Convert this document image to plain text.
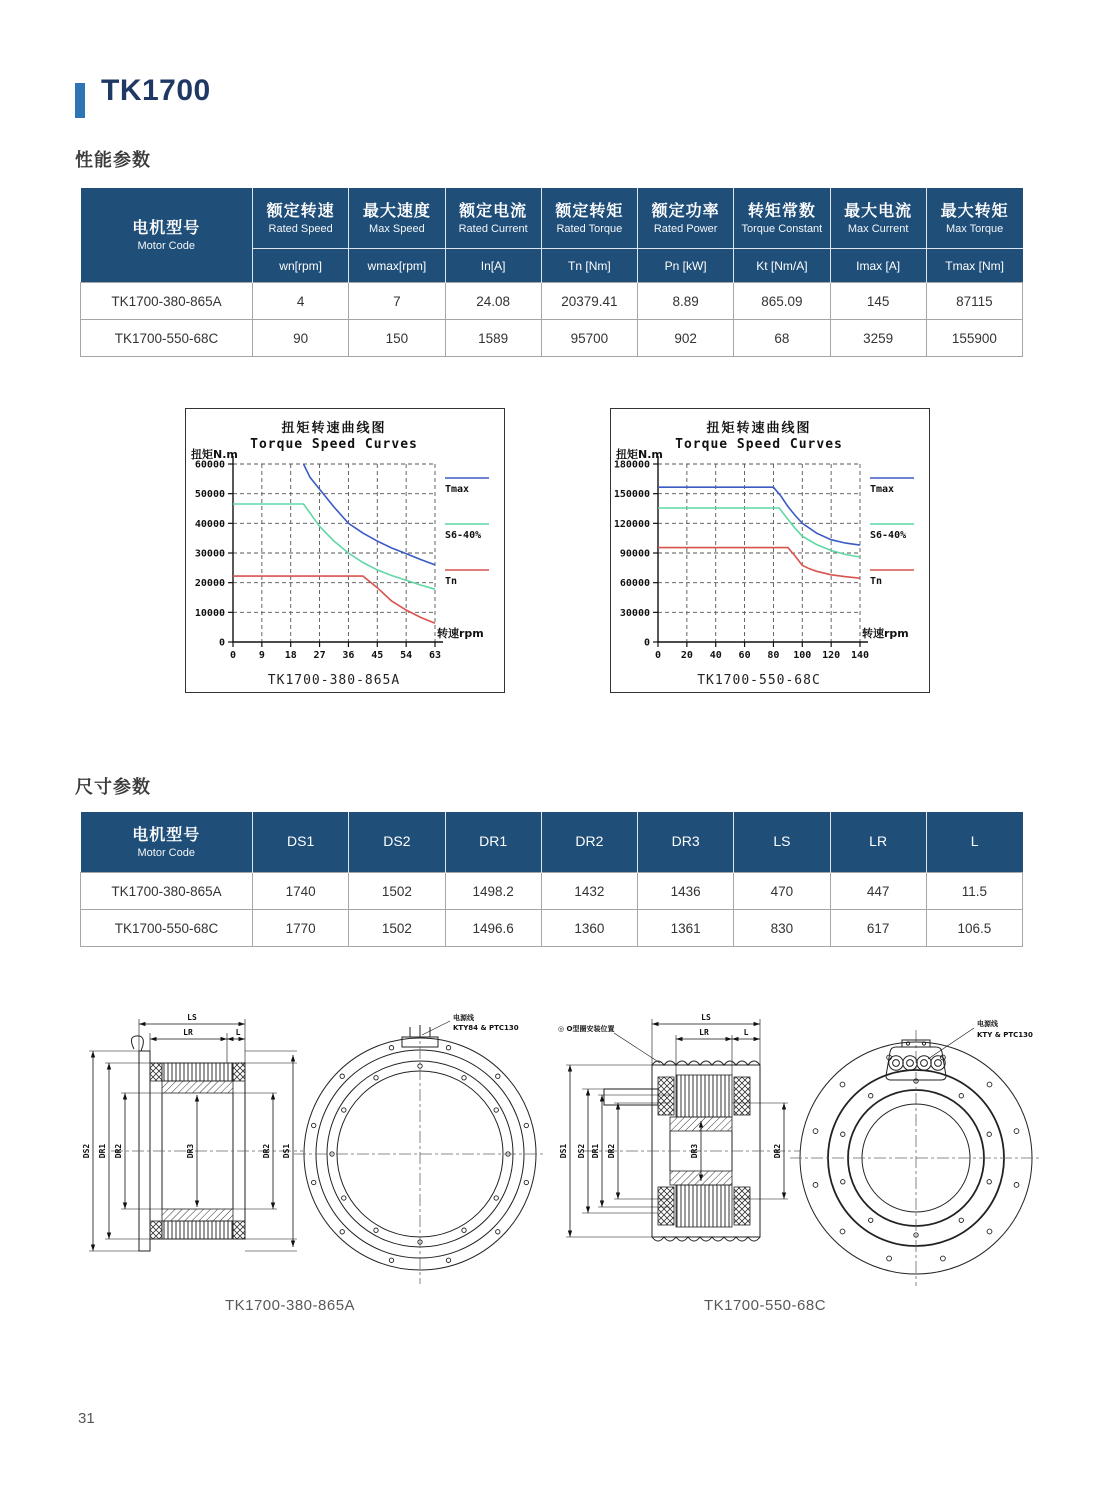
TK1700
性能参数
电机型号
Motor Code

额定转速
Rated Speed

最大速度
Max Speed

额定电流
Rated Current

额定转矩
Rated Torque

额定功率
Rated Power

转矩常数
Torque Constant

最大电流
Max Current

最大转矩
Max Torque

	wn[rpm]	wmax[rpm]	In[A]	Tn [Nm]	Pn [kW]	Kt [Nm/A]	Imax [A]	Tmax [Nm]
TK1700-380-865A	4	7	24.08	20379.41	8.89	865.09	145	87115
TK1700-550-68C	90	150	1589	95700	902	68	3259	155900
0
10000
20000
30000
40000
50000
60000
0 9 18 27 36 45 54 63
扭矩转速曲线图
Torque Speed Curves
扭矩N.m
转速rpm
TK1700-380-865A
Tmax
S6-40%
Tn
0
30000
60000
90000
120000
150000
180000
0 20 40 60 80 100 120 140
扭矩转速曲线图
Torque Speed Curves
扭矩N.m
转速rpm
TK1700-550-68C
Tmax
S6-40%
Tn
尺寸参数
电机型号
Motor Code	DS1	DS2	DR1	DR2	DR3	LS	LR	L
TK1700-380-865A	1740	1502	1498.2	1432	1436	470	447	11.5
TK1700-550-68C	1770	1502	1496.6	1360	1361	830	617	106.5
LS
LR	L
DS2 DR1 DR2	DR3	DR2 DS1
电源线
KTY84 & PTC130	◎ O型圈安装位置
LS
LR	L
DS1 DS2 DR1 DR2	DR3	DR2
电源线
KTY & PTC130
TK1700-380-865A	TK1700-550-68C
31
